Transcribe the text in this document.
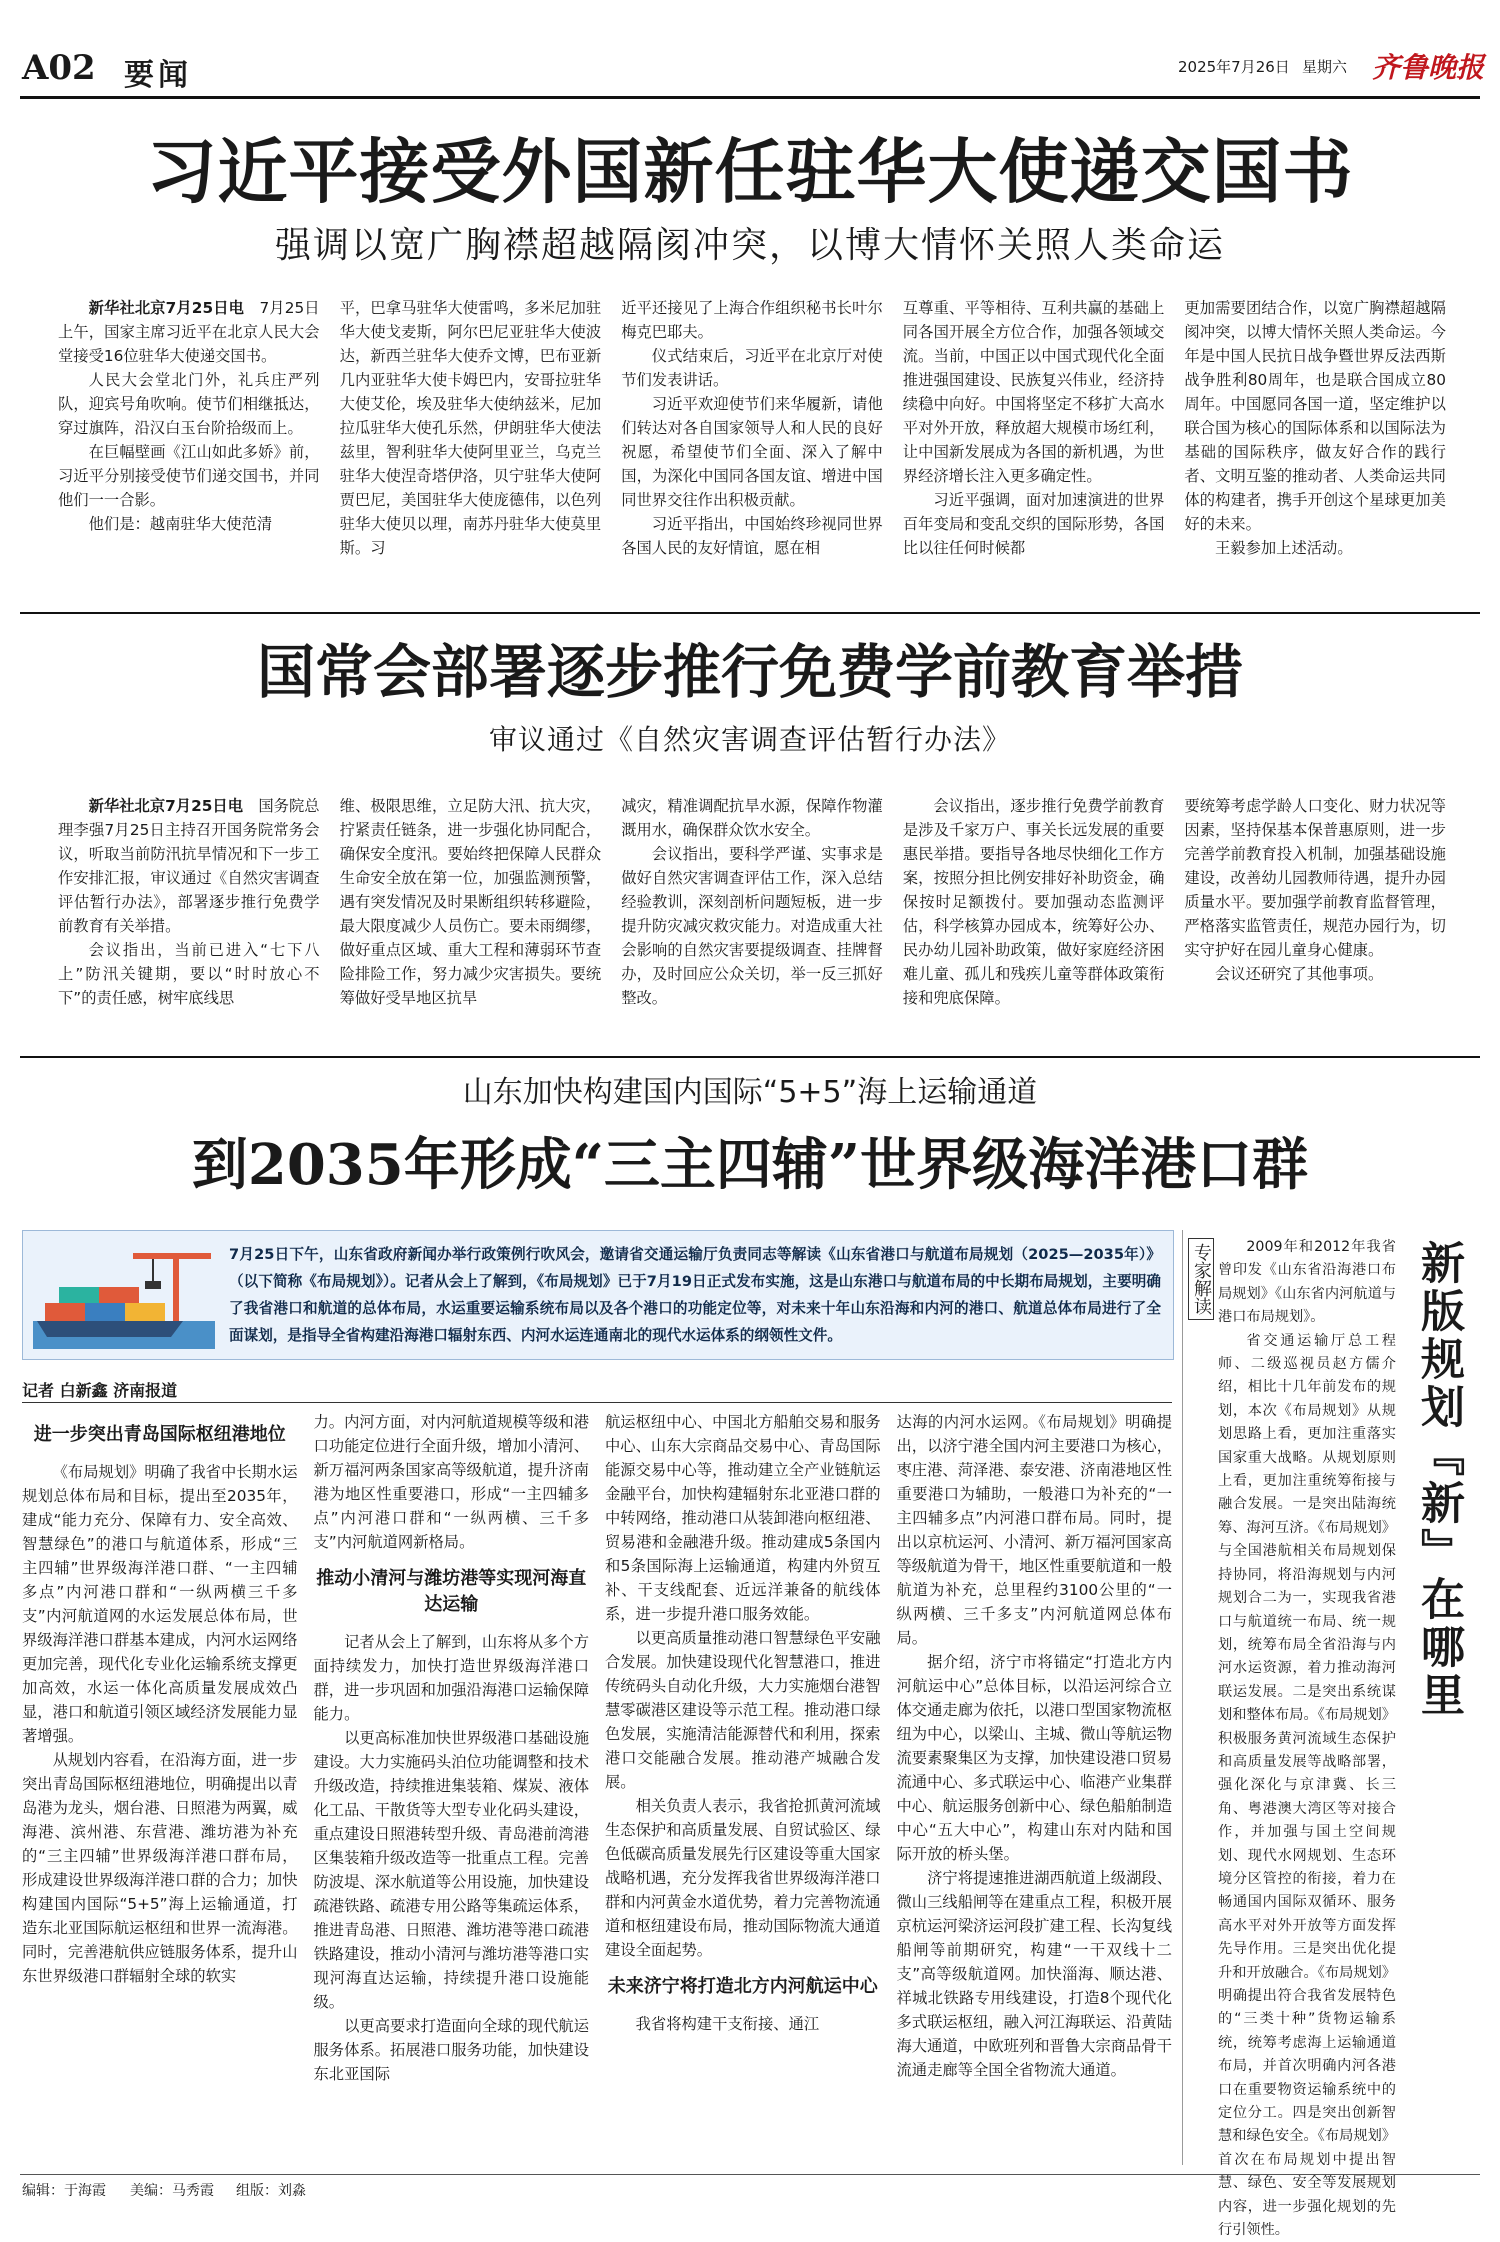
A02 要闻	2025年7月26日 星期六 齐鲁晚报
习近平接受外国新任驻华大使递交国书
强调以宽广胸襟超越隔阂冲突，以博大情怀关照人类命运

新华社北京7月25日电　 7月25日上午，国家主席习近平在北京人民大会堂接受16位驻华大使递交国书。

人民大会堂北门外，礼兵庄严列队，迎宾号角吹响。使节们相继抵达，穿过旗阵，沿汉白玉台阶拾级而上。

在巨幅壁画《江山如此多娇》前，习近平分别接受使节们递交国书，并同他们一一合影。

他们是：越南驻华大使范清

平，巴拿马驻华大使雷鸣，多米尼加驻华大使戈麦斯，阿尔巴尼亚驻华大使波达，新西兰驻华大使乔文博，巴布亚新几内亚驻华大使卡姆巴内，安哥拉驻华大使艾伦，埃及驻华大使纳兹米，尼加拉瓜驻华大使孔乐然，伊朗驻华大使法兹里，智利驻华大使阿里亚兰，乌克兰驻华大使涅奇塔伊洛，贝宁驻华大使阿贾巴尼，美国驻华大使庞德伟，以色列驻华大使贝以理，南苏丹驻华大使莫里斯。习

近平还接见了上海合作组织秘书长叶尔梅克巴耶夫。

仪式结束后，习近平在北京厅对使节们发表讲话。

习近平欢迎使节们来华履新，请他们转达对各自国家领导人和人民的良好祝愿，希望使节们全面、深入了解中国，为深化中国同各国友谊、增进中国同世界交往作出积极贡献。

习近平指出，中国始终珍视同世界各国人民的友好情谊，愿在相

互尊重、平等相待、互利共赢的基础上同各国开展全方位合作，加强各领域交流。当前，中国正以中国式现代化全面推进强国建设、民族复兴伟业，经济持续稳中向好。中国将坚定不移扩大高水平对外开放，释放超大规模市场红利，让中国新发展成为各国的新机遇，为世界经济增长注入更多确定性。

习近平强调，面对加速演进的世界百年变局和变乱交织的国际形势，各国比以往任何时候都

更加需要团结合作，以宽广胸襟超越隔阂冲突，以博大情怀关照人类命运。今年是中国人民抗日战争暨世界反法西斯战争胜利80周年，也是联合国成立80周年。中国愿同各国一道，坚定维护以联合国为核心的国际体系和以国际法为基础的国际秩序，做友好合作的践行者、文明互鉴的推动者、人类命运共同体的构建者，携手开创这个星球更加美好的未来。

王毅参加上述活动。

国常会部署逐步推行免费学前教育举措
审议通过《自然灾害调查评估暂行办法》

新华社北京7月25日电　 国务院总理李强7月25日主持召开国务院常务会议，听取当前防汛抗旱情况和下一步工作安排汇报，审议通过《自然灾害调查评估暂行办法》，部署逐步推行免费学前教育有关举措。

会议指出，当前已进入“七下八上”防汛关键期，要以“时时放心不下”的责任感，树牢底线思

维、极限思维，立足防大汛、抗大灾，拧紧责任链条，进一步强化协同配合，确保安全度汛。要始终把保障人民群众生命安全放在第一位，加强监测预警，遇有突发情况及时果断组织转移避险，最大限度减少人员伤亡。要未雨绸缪，做好重点区域、重大工程和薄弱环节查险排险工作，努力减少灾害损失。要统筹做好受旱地区抗旱

减灾，精准调配抗旱水源，保障作物灌溉用水，确保群众饮水安全。

会议指出，要科学严谨、实事求是做好自然灾害调查评估工作，深入总结经验教训，深刻剖析问题短板，进一步提升防灾减灾救灾能力。对造成重大社会影响的自然灾害要提级调查、挂牌督办，及时回应公众关切，举一反三抓好整改。

会议指出，逐步推行免费学前教育是涉及千家万户、事关长远发展的重要惠民举措。要指导各地尽快细化工作方案，按照分担比例安排好补助资金，确保按时足额拨付。要加强动态监测评估，科学核算办园成本，统筹好公办、民办幼儿园补助政策，做好家庭经济困难儿童、孤儿和残疾儿童等群体政策衔接和兜底保障。

要统筹考虑学龄人口变化、财力状况等因素，坚持保基本保普惠原则，进一步完善学前教育投入机制，加强基础设施建设，改善幼儿园教师待遇，提升办园质量水平。要加强学前教育监督管理，严格落实监管责任，规范办园行为，切实守护好在园儿童身心健康。

会议还研究了其他事项。

山东加快构建国内国际“5+5”海上运输通道
到2035年形成“三主四辅”世界级海洋港口群
7月25日下午，山东省政府新闻办举行政策例行吹风会，邀请省交通运输厅负责同志等解读《山东省港口与航道布局规划（2025—2035年）》（以下简称《布局规划》）。记者从会上了解到，《布局规划》已于7月19日正式发布实施，这是山东港口与航道布局的中长期布局规划，主要明确了我省港口和航道的总体布局，水运重要运输系统布局以及各个港口的功能定位等，对未来十年山东沿海和内河的港口、航道总体布局进行了全面谋划，是指导全省构建沿海港口辐射东西、内河水运连通南北的现代水运体系的纲领性文件。
记者 白新鑫 济南报道
进一步突出青岛国际枢纽港地位

《布局规划》明确了我省中长期水运规划总体布局和目标，提出至2035年，建成“能力充分、保障有力、安全高效、智慧绿色”的港口与航道体系，形成“三主四辅”世界级海洋港口群、“一主四辅多点”内河港口群和“一纵两横三千多支”内河航道网的水运发展总体布局，世界级海洋港口群基本建成，内河水运网络更加完善，现代化专业化运输系统支撑更加高效，水运一体化高质量发展成效凸显，港口和航道引领区域经济发展能力显著增强。

从规划内容看，在沿海方面，进一步突出青岛国际枢纽港地位，明确提出以青岛港为龙头，烟台港、日照港为两翼，威海港、滨州港、东营港、潍坊港为补充的“三主四辅”世界级海洋港口群布局，形成建设世界级海洋港口群的合力；加快构建国内国际“5+5”海上运输通道，打造东北亚国际航运枢纽和世界一流海港。同时，完善港航供应链服务体系，提升山东世界级港口群辐射全球的软实

力。内河方面，对内河航道规模等级和港口功能定位进行全面升级，增加小清河、新万福河两条国家高等级航道，提升济南港为地区性重要港口，形成“一主四辅多点”内河港口群和“一纵两横、三千多支”内河航道网新格局。

推动小清河与潍坊港等实现河海直达运输

记者从会上了解到，山东将从多个方面持续发力，加快打造世界级海洋港口群，进一步巩固和加强沿海港口运输保障能力。

以更高标准加快世界级港口基础设施建设。大力实施码头泊位功能调整和技术升级改造，持续推进集装箱、煤炭、液体化工品、干散货等大型专业化码头建设，重点建设日照港转型升级、青岛港前湾港区集装箱升级改造等一批重点工程。完善防波堤、深水航道等公用设施，加快建设疏港铁路、疏港专用公路等集疏运体系，推进青岛港、日照港、潍坊港等港口疏港铁路建设，推动小清河与潍坊港等港口实现河海直达运输，持续提升港口设施能级。

以更高要求打造面向全球的现代航运服务体系。拓展港口服务功能，加快建设东北亚国际

航运枢纽中心、中国北方船舶交易和服务中心、山东大宗商品交易中心、青岛国际能源交易中心等，推动建立全产业链航运金融平台，加快构建辐射东北亚港口群的中转网络，推动港口从装卸港向枢纽港、贸易港和金融港升级。推动建成5条国内和5条国际海上运输通道，构建内外贸互补、干支线配套、近远洋兼备的航线体系，进一步提升港口服务效能。

以更高质量推动港口智慧绿色平安融合发展。加快建设现代化智慧港口，推进传统码头自动化升级，大力实施烟台港智慧零碳港区建设等示范工程。推动港口绿色发展，实施清洁能源替代和利用，探索港口交能融合发展。推动港产城融合发展。

相关负责人表示，我省抢抓黄河流域生态保护和高质量发展、自贸试验区、绿色低碳高质量发展先行区建设等重大国家战略机遇，充分发挥我省世界级海洋港口群和内河黄金水道优势，着力完善物流通道和枢纽建设布局，推动国际物流大通道建设全面起势。

未来济宁将打造北方内河航运中心

我省将构建干支衔接、通江

达海的内河水运网。《布局规划》明确提出，以济宁港全国内河主要港口为核心，枣庄港、菏泽港、泰安港、济南港地区性重要港口为辅助，一般港口为补充的“一主四辅多点”内河港口群布局。同时，提出以京杭运河、小清河、新万福河国家高等级航道为骨干，地区性重要航道和一般航道为补充，总里程约3100公里的“一纵两横、三千多支”内河航道网总体布局。

据介绍，济宁市将锚定“打造北方内河航运中心”总体目标，以沿运河综合立体交通走廊为依托，以港口型国家物流枢纽为中心，以梁山、主城、微山等航运物流要素聚集区为支撑，加快建设港口贸易流通中心、多式联运中心、临港产业集群中心、航运服务创新中心、绿色船舶制造中心“五大中心”，构建山东对内陆和国际开放的桥头堡。

济宁将提速推进湖西航道上级湖段、微山三线船闸等在建重点工程，积极开展京杭运河梁济运河段扩建工程、长沟复线船闸等前期研究，构建“一干双线十二支”高等级航道网。加快淄海、顺达港、祥城北铁路专用线建设，打造8个现代化多式联运枢纽，融入河江海联运、沿黄陆海大通道，中欧班列和晋鲁大宗商品骨干流通走廊等全国全省物流大通道。

专家解读	2009年和2012年我省曾印发《山东省沿海港口布局规划》《山东省内河航道与港口布局规划》。

省交通运输厅总工程师、二级巡视员赵方儒介绍，相比十几年前发布的规划，本次《布局规划》从规划思路上看，更加注重落实国家重大战略。从规划原则上看，更加注重统筹衔接与融合发展。一是突出陆海统筹、海河互济。《布局规划》与全国港航相关布局规划保持协同，将沿海规划与内河规划合二为一，实现我省港口与航道统一布局、统一规划，统筹布局全省沿海与内河水运资源，着力推动海河联运发展。二是突出系统谋划和整体布局。《布局规划》积极服务黄河流域生态保护和高质量发展等战略部署，强化深化与京津冀、长三角、粤港澳大湾区等对接合作，并加强与国土空间规划、现代水网规划、生态环境分区管控的衔接，着力在畅通国内国际双循环、服务高水平对外开放等方面发挥先导作用。三是突出优化提升和开放融合。《布局规划》明确提出符合我省发展特色的“三类十种”货物运输系统，统筹考虑海上运输通道布局，并首次明确内河各港口在重要物资运输系统中的定位分工。四是突出创新智慧和绿色安全。《布局规划》首次在布局规划中提出智慧、绿色、安全等发展规划内容，进一步强化规划的先行引领性。

新版规划『新』在哪里
编辑：于海霞 美编：马秀霞 组版：刘淼
